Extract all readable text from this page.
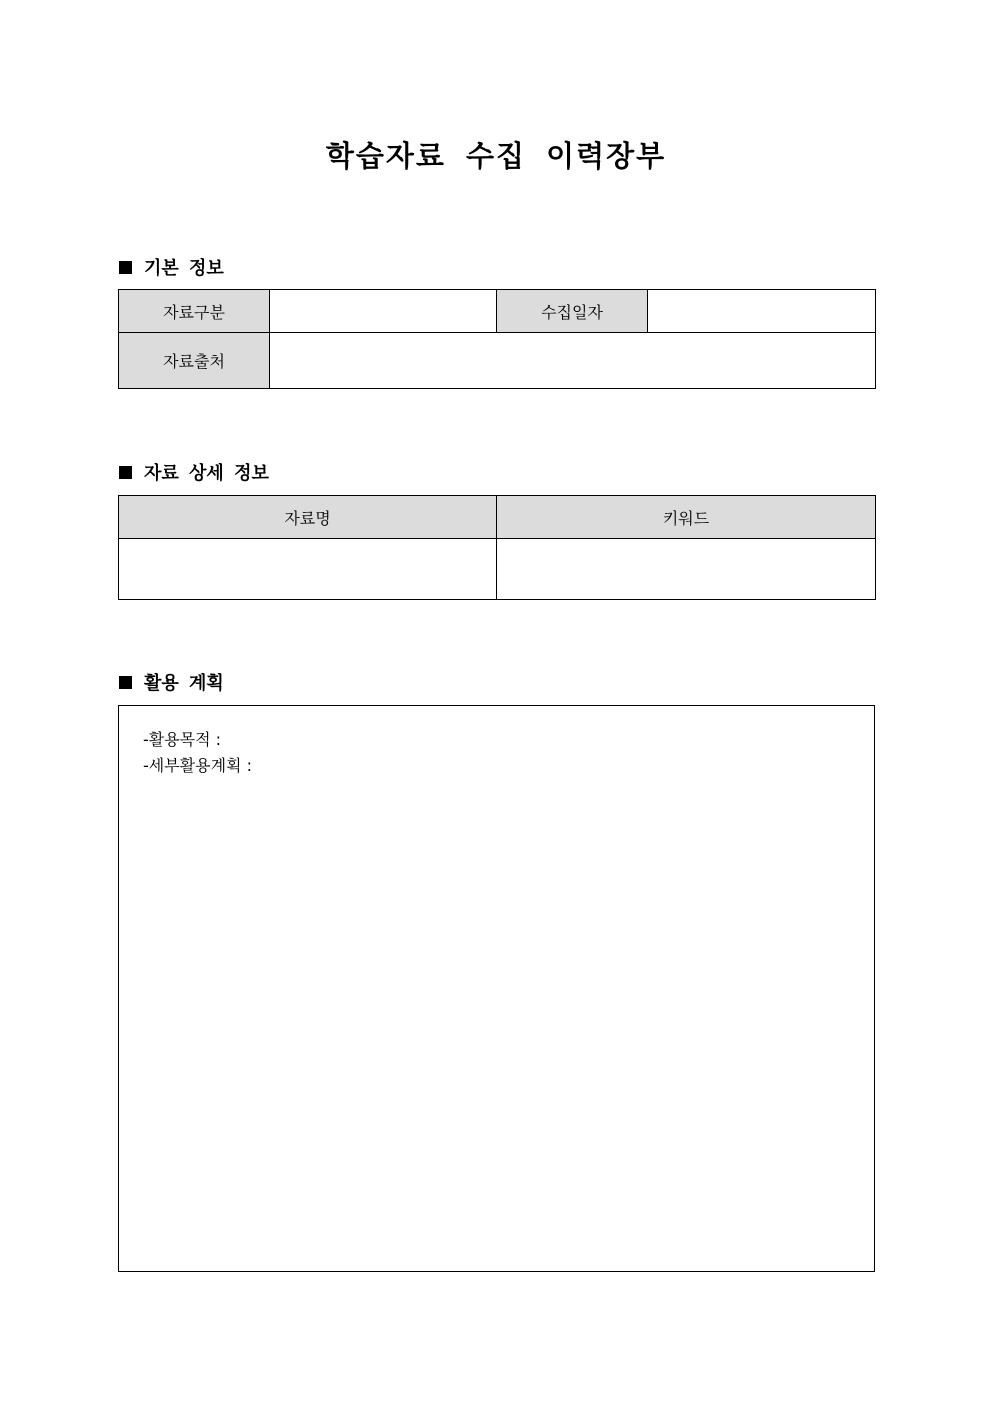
학습자료 수집 이력장부
기본 정보
자료구분		수집일자	
자료출처			
자료 상세 정보
자료명	키워드

활용 계획
-활용목적 :
-세부활용계획 :
